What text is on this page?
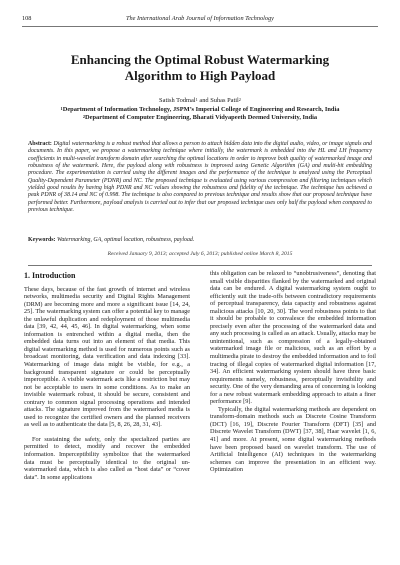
108	The International Arab Journal of Information Technology
Enhancing the Optimal Robust Watermarking
Algorithm to High Payload
Satish Todmal$^1$ and Suhas Patil$^2$
$^1$Department of Information Technology, JSPM’s Imperial College of Engineering and Research, India
$^2$Department of Computer Engineering, Bharati Vidyapeeth Deemed University, India
Abstract: Digital watermarking is a robust method that allows a person to attach hidden data into the digital audio, video, or image signals and documents. In this paper, we propose a watermarking technique where initially, the watermark is embedded into the HL and LH frequency coefficients in multi-wavelet transform domain after searching the optimal locations in order to improve both quality of watermarked image and robustness of the watermark. Here, the payload along with robustness is improved using Genetic Algorithm (GA) and multi-bit embedding procedure. The experimentation is carried using the different images and the performance of the technique is analyzed using the Perceptual Quality-Dependent Parameter (PDNR) and NC. The proposed technique is evaluated using various compression and filtering techniques which yielded good results by having high PDNR and NC values showing the robustness and fidelity of the technique. The technique has achieved a peak PDNR of 38.14 and NC of 0.998. The technique is also compared to previous technique and results show that our proposed technique have performed better. Furthermore, payload analysis is carried out to infer that our proposed technique uses only half the payload when compared to previous technique.
Keywords: Watermarking, GA, optimal location, robustness, payload.
Received January 9, 2013; accepted July 6, 2013; published online March 8, 2015
1. Introduction

These days, because of the fast growth of internet and wireless networks, multimedia security and Digital Rights Management (DRM) are becoming more and more a significant issue [14, 24, 25]. The watermarking system can offer a potential key to manage the unlawful duplication and redeployment of those multimedia data [39, 42, 44, 45, 46]. In digital watermarking, when some information is entrenched within a digital media, then the embedded data turns out into an element of that media. This digital watermarking method is used for numerous points such as broadcast monitoring, data verification and data indexing [33]. Watermarking of image data might be visible, for e.g., a background transparent signature or could be perceptually imperceptible. A visible watermark acts like a restriction but may not be acceptable to users in some conditions. As to make an invisible watermark robust, it should be secure, consistent and contrary to common signal processing operations and intended attacks. The signature improved from the watermarked media is used to recognize the certified owners and the planned receivers as well as to authenticate the data [5, 8, 26, 28, 31, 43].

For sustaining the safety, only the specialized parties are permitted to detect, modify and recover the embedded information. Imperceptibility symbolize that the watermarked data must be perceptually identical to the original un-watermarked data, which is also called as “host data” or “cover data”. In some applications

this obligation can be relaxed to “unobtrusiveness”, denoting that small visible disparities flanked by the watermarked and original data can be endured. A digital watermarking system ought to efficiently suit the trade-offs between contradictory requirements of perceptual transparency, data capacity and robustness against malicious attacks [10, 20, 30]. The word robustness points to that it should be probable to convalesce the embedded information precisely even after the processing of the watermarked data and any such processing is called as an attack. Usually, attacks may be unintentional, such as compression of a legally-obtained watermarked image file or malicious, such as an effort by a multimedia pirate to destroy the embedded information and to foil tracing of illegal copies of watermarked digital information [17, 34]. An efficient watermarking system should have three basic requirements namely, robustness, perceptually invisibility and security. One of the very demanding area of concerning is looking for a new robust watermark embedding approach to attain a finer performance [9].

Typically, the digital watermarking methods are dependent on transform-domain methods such as Discrete Cosine Transform (DCT) [16, 19], Discrete Fourier Transform (DFT) [35] and Discrete Wavelet Transform (DWT) [37, 38], Haar wavelet [1, 6, 41] and more. At present, some digital watermarking methods have been proposed based on wavelet transform. The use of Artificial Intelligence (AI) techniques in the watermarking schemes can improve the presentation in an efficient way. Optimization
